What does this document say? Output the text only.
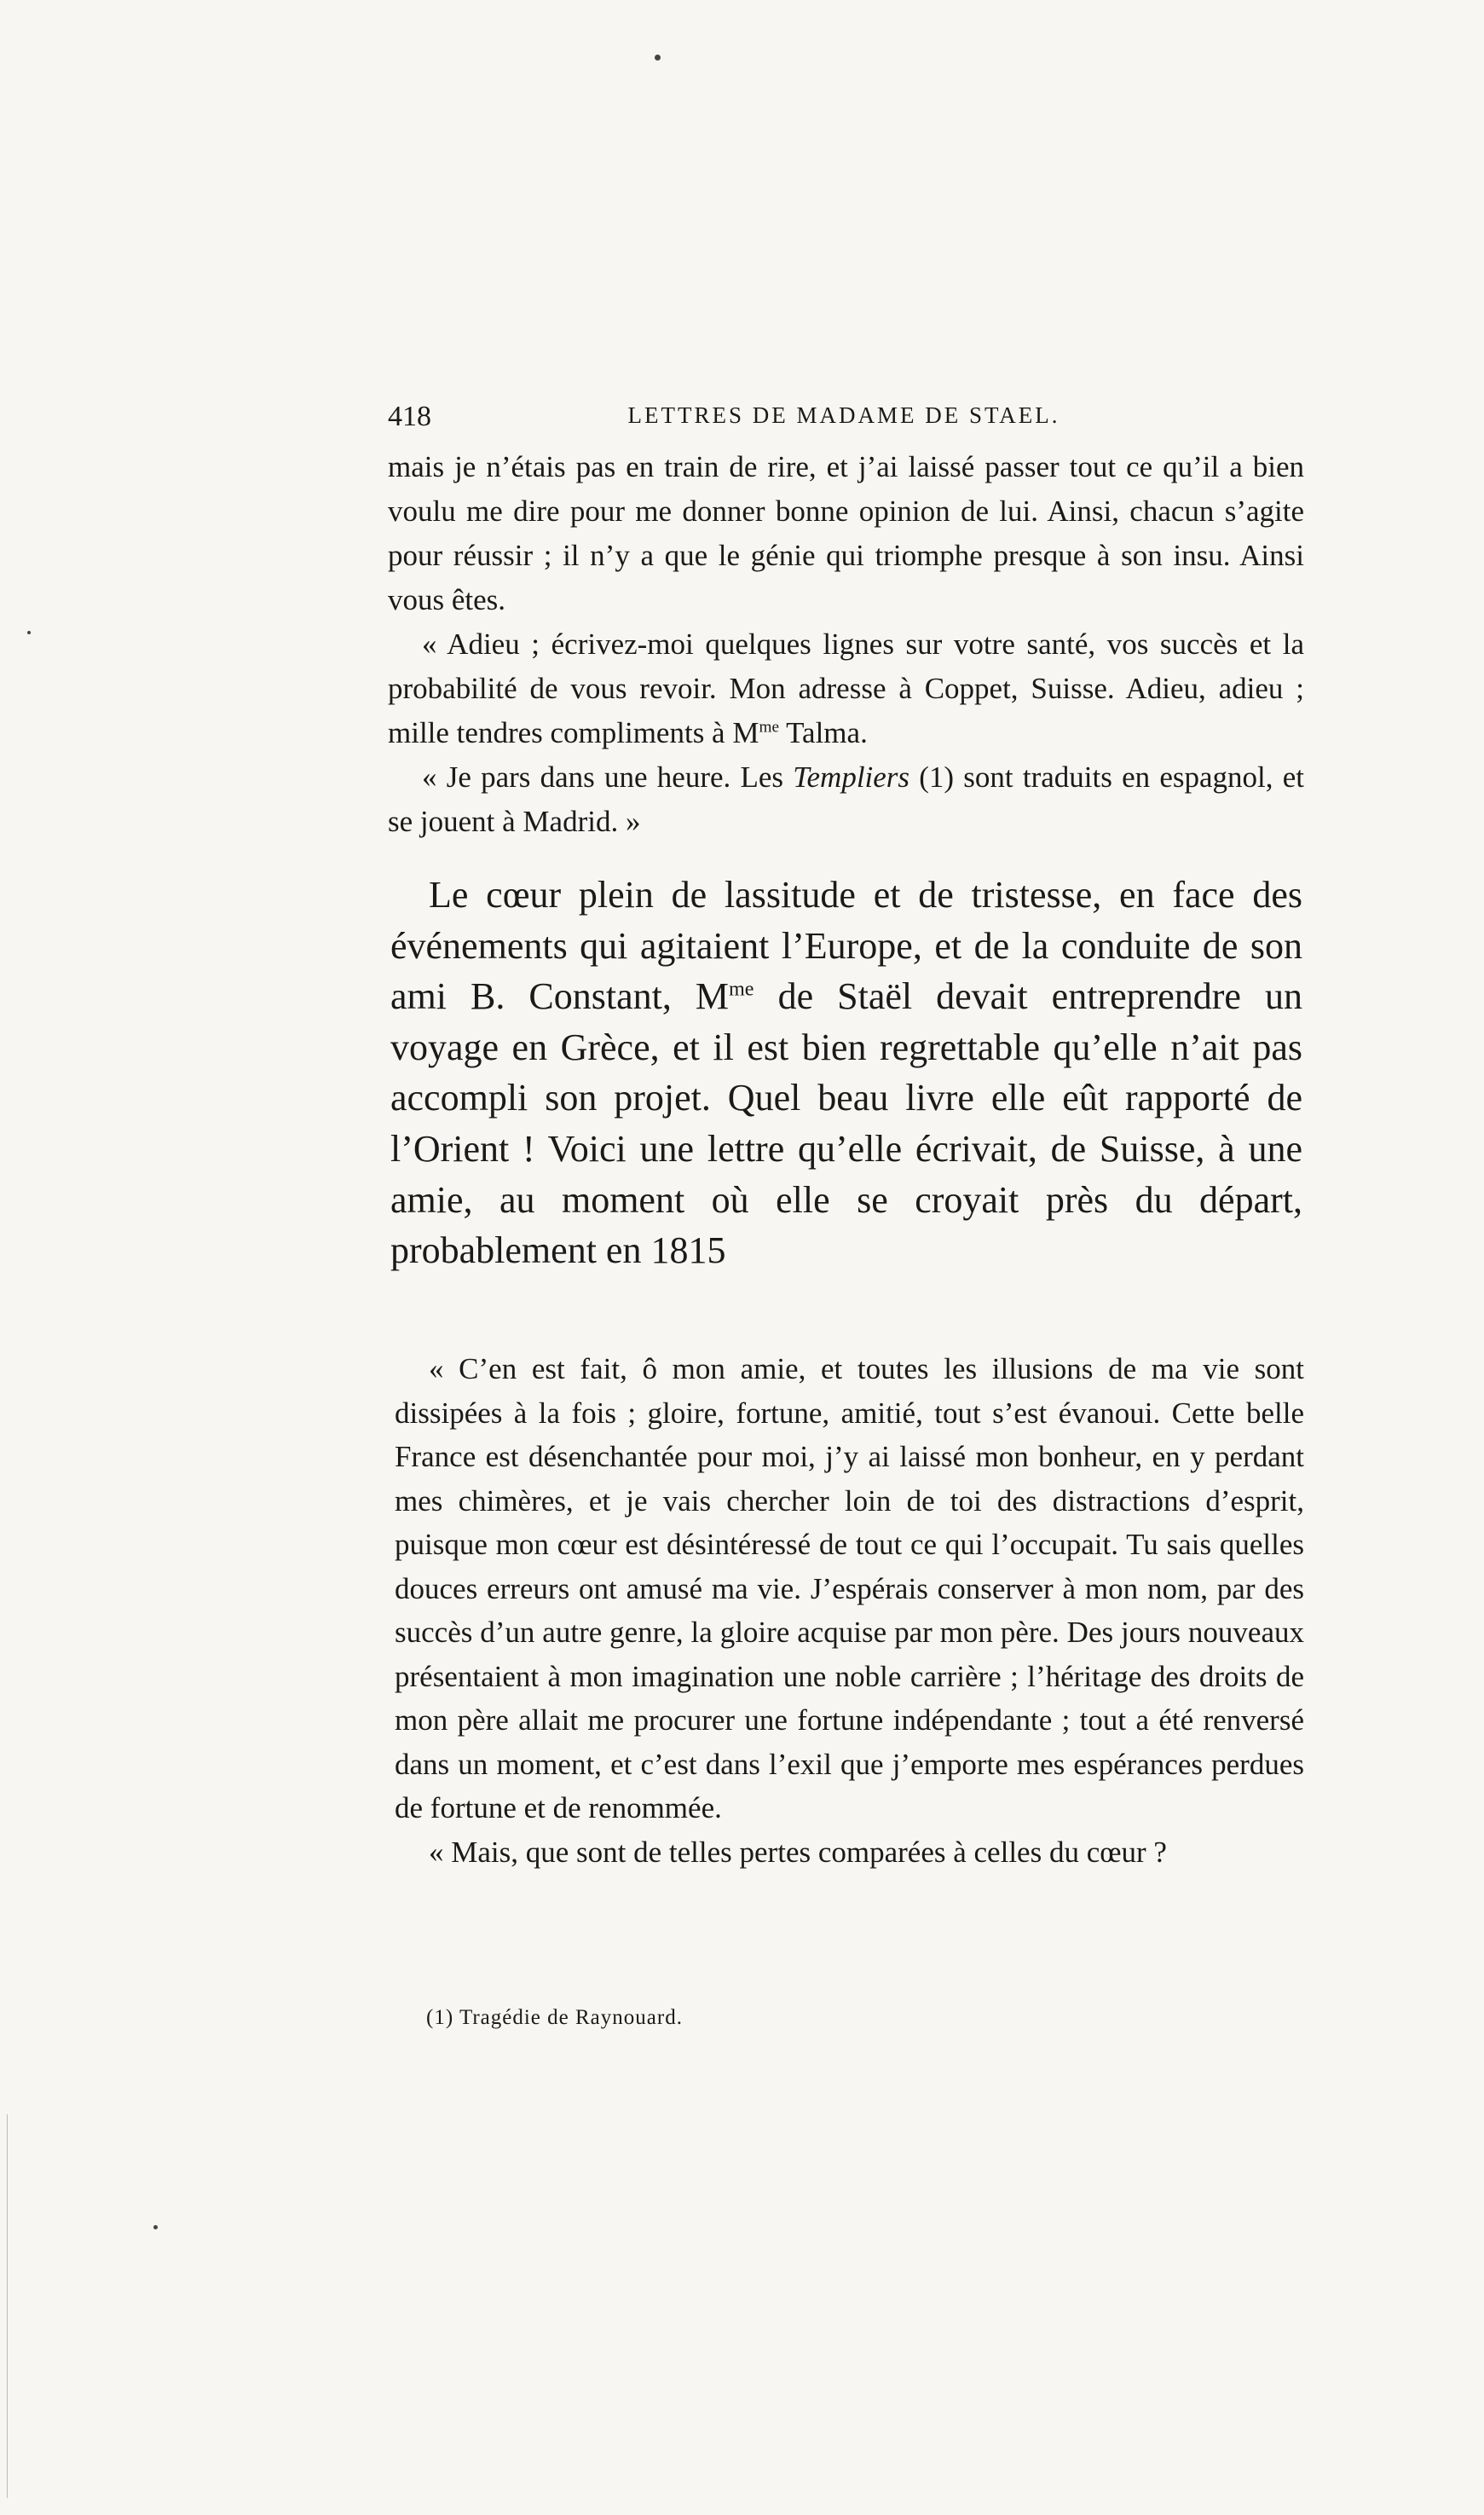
418	LETTRES DE MADAME DE STAEL.

mais je n’étais pas en train de rire, et j’ai laissé passer tout ce qu’il a bien voulu me dire pour me donner bonne opinion de lui. Ainsi, chacun s’agite pour réussir ; il n’y a que le génie qui triomphe presque à son insu. Ainsi vous êtes.

« Adieu ; écrivez-moi quelques lignes sur votre santé, vos succès et la probabilité de vous revoir. Mon adresse à Coppet, Suisse. Adieu, adieu ; mille tendres compliments à $M^{me}$ Talma.

« Je pars dans une heure. Les Templiers (1) sont traduits en espagnol, et se jouent à Madrid. »

Le cœur plein de lassitude et de tristesse, en face des événements qui agitaient l’Europe, et de la conduite de son ami B. Constant, $M^{me}$ de Staël devait entreprendre un voyage en Grèce, et il est bien regrettable qu’elle n’ait pas accompli son projet. Quel beau livre elle eût rapporté de l’Orient ! Voici une lettre qu’elle écrivait, de Suisse, à une amie, au moment où elle se croyait près du départ, probablement en 1815

« C’en est fait, ô mon amie, et toutes les illusions de ma vie sont dissipées à la fois ; gloire, fortune, amitié, tout s’est évanoui. Cette belle France est désenchantée pour moi, j’y ai laissé mon bonheur, en y perdant mes chimères, et je vais chercher loin de toi des distractions d’esprit, puisque mon cœur est désintéressé de tout ce qui l’occupait. Tu sais quelles douces erreurs ont amusé ma vie. J’espérais conserver à mon nom, par des succès d’un autre genre, la gloire acquise par mon père. Des jours nouveaux présentaient à mon imagination une noble carrière ; l’héritage des droits de mon père allait me procurer une fortune indépendante ; tout a été renversé dans un moment, et c’est dans l’exil que j’emporte mes espérances perdues de fortune et de renommée.

« Mais, que sont de telles pertes comparées à celles du cœur ?

(1) Tragédie de Raynouard.
